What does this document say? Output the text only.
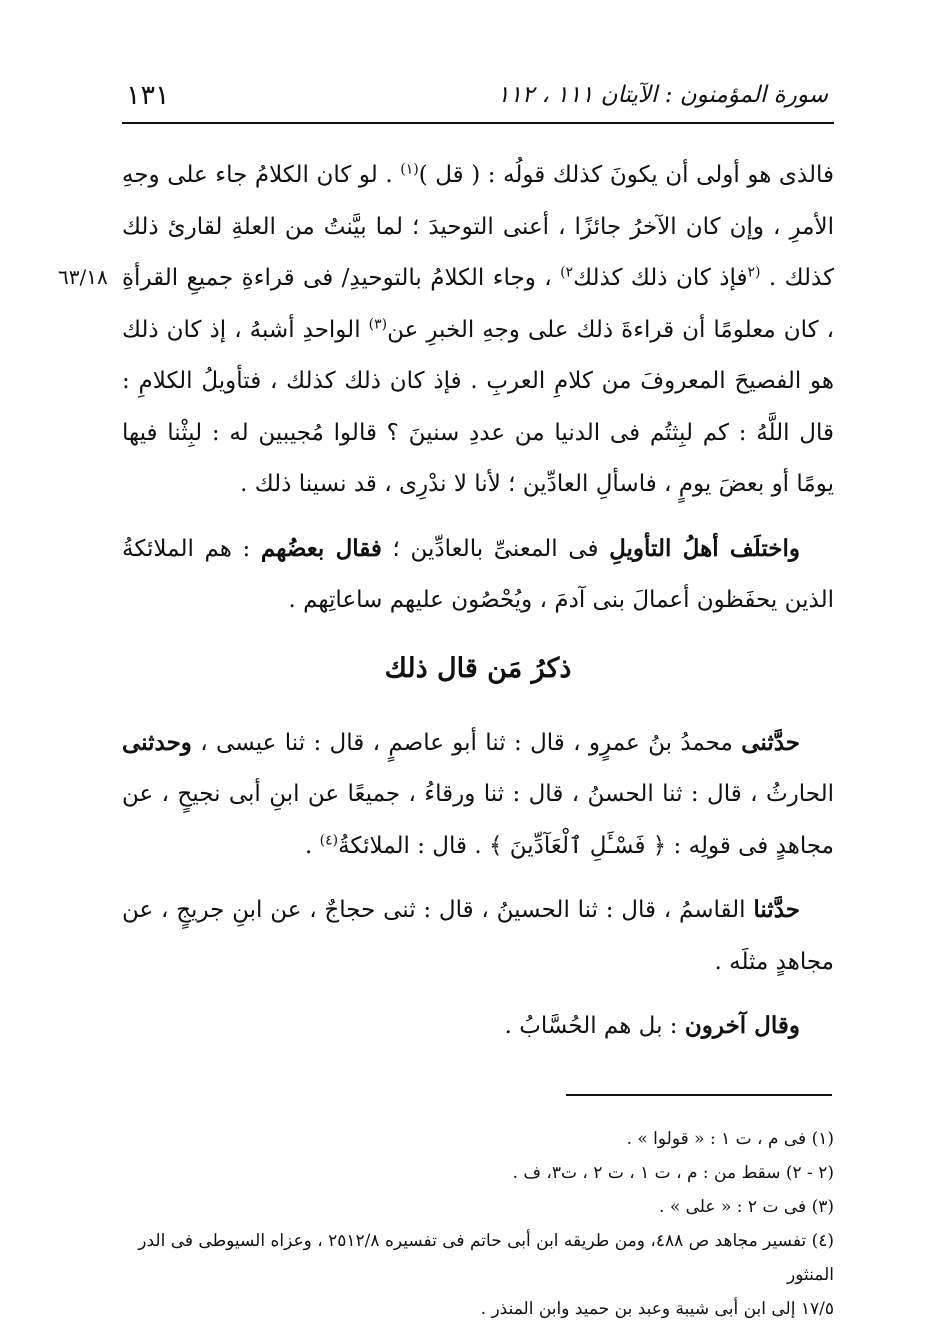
١٣١	سورة المؤمنون : الآيتان ١١١ ، ١١٢
٦٣/١٨

فالذى هو أولى أن يكونَ كذلك قولُه : ( قل )$^{(١)}$ . لو كان الكلامُ جاء على وجهِ الأمرِ ، وإن كان الآخرُ جائزًا ، أعنى التوحيدَ ؛ لما بيَّنتُ من العلةِ لقارئ ذلك كذلك . $^{(٢}$فإذ كان ذلك كذلك$^{٢)}$ ، وجاء الكلامُ بالتوحيدِ/ فى قراءةِ جميعِ القرأةِ ، كان معلومًا أن قراءةَ ذلك على وجهِ الخبرِ عن$^{(٣)}$ الواحدِ أشبهُ ، إذ كان ذلك هو الفصيحَ المعروفَ من كلامِ العربِ . فإذ كان ذلك كذلك ، فتأويلُ الكلامِ : قال اللَّهُ : كم لبِثتُم فى الدنيا من عددِ سنينَ ؟ قالوا مُجيبين له : لبِثْنا فيها يومًا أو بعضَ يومٍ ، فاسألِ العادِّين ؛ لأنا لا ندْرِى ، قد نسينا ذلك .

واختلَف أهلُ التأويلِ فى المعنىِّ بالعادِّين ؛ فقال بعضُهم : هم الملائكةُ الذين يحفَظون أعمالَ بنى آدمَ ، ويُحْصُون عليهم ساعاتِهم .

ذكرُ مَن قال ذلك

حدَّثنى محمدُ بنُ عمرٍو ، قال : ثنا أبو عاصمٍ ، قال : ثنا عيسى ، وحدثنى الحارثُ ، قال : ثنا الحسنُ ، قال : ثنا ورقاءُ ، جميعًا عن ابنِ أبى نجيحٍ ، عن مجاهدٍ فى قولِه : ﴿ فَسْـَٔلِ ٱلْعَآدِّينَ ﴾ . قال : الملائكةُ$^{(٤)}$ .

حدَّثنا القاسمُ ، قال : ثنا الحسينُ ، قال : ثنى حجاجٌ ، عن ابنِ جريجٍ ، عن مجاهدٍ مثلَه .

وقال آخرون : بل هم الحُسَّابُ .

(١) فى م ، ت ١ : « قولوا » .

(٢ - ٢) سقط من : م ، ت ١ ، ت ٢ ، ت٣، ف .

(٣) فى ت ٢ : « على » .

(٤) تفسير مجاهد ص ٤٨٨، ومن طريقه ابن أبى حاتم فى تفسيره ٢٥١٢/٨ ، وعزاه السيوطى فى الدر المنثور

١٧/٥ إلى ابن أبى شيبة وعبد بن حميد وابن المنذر .
